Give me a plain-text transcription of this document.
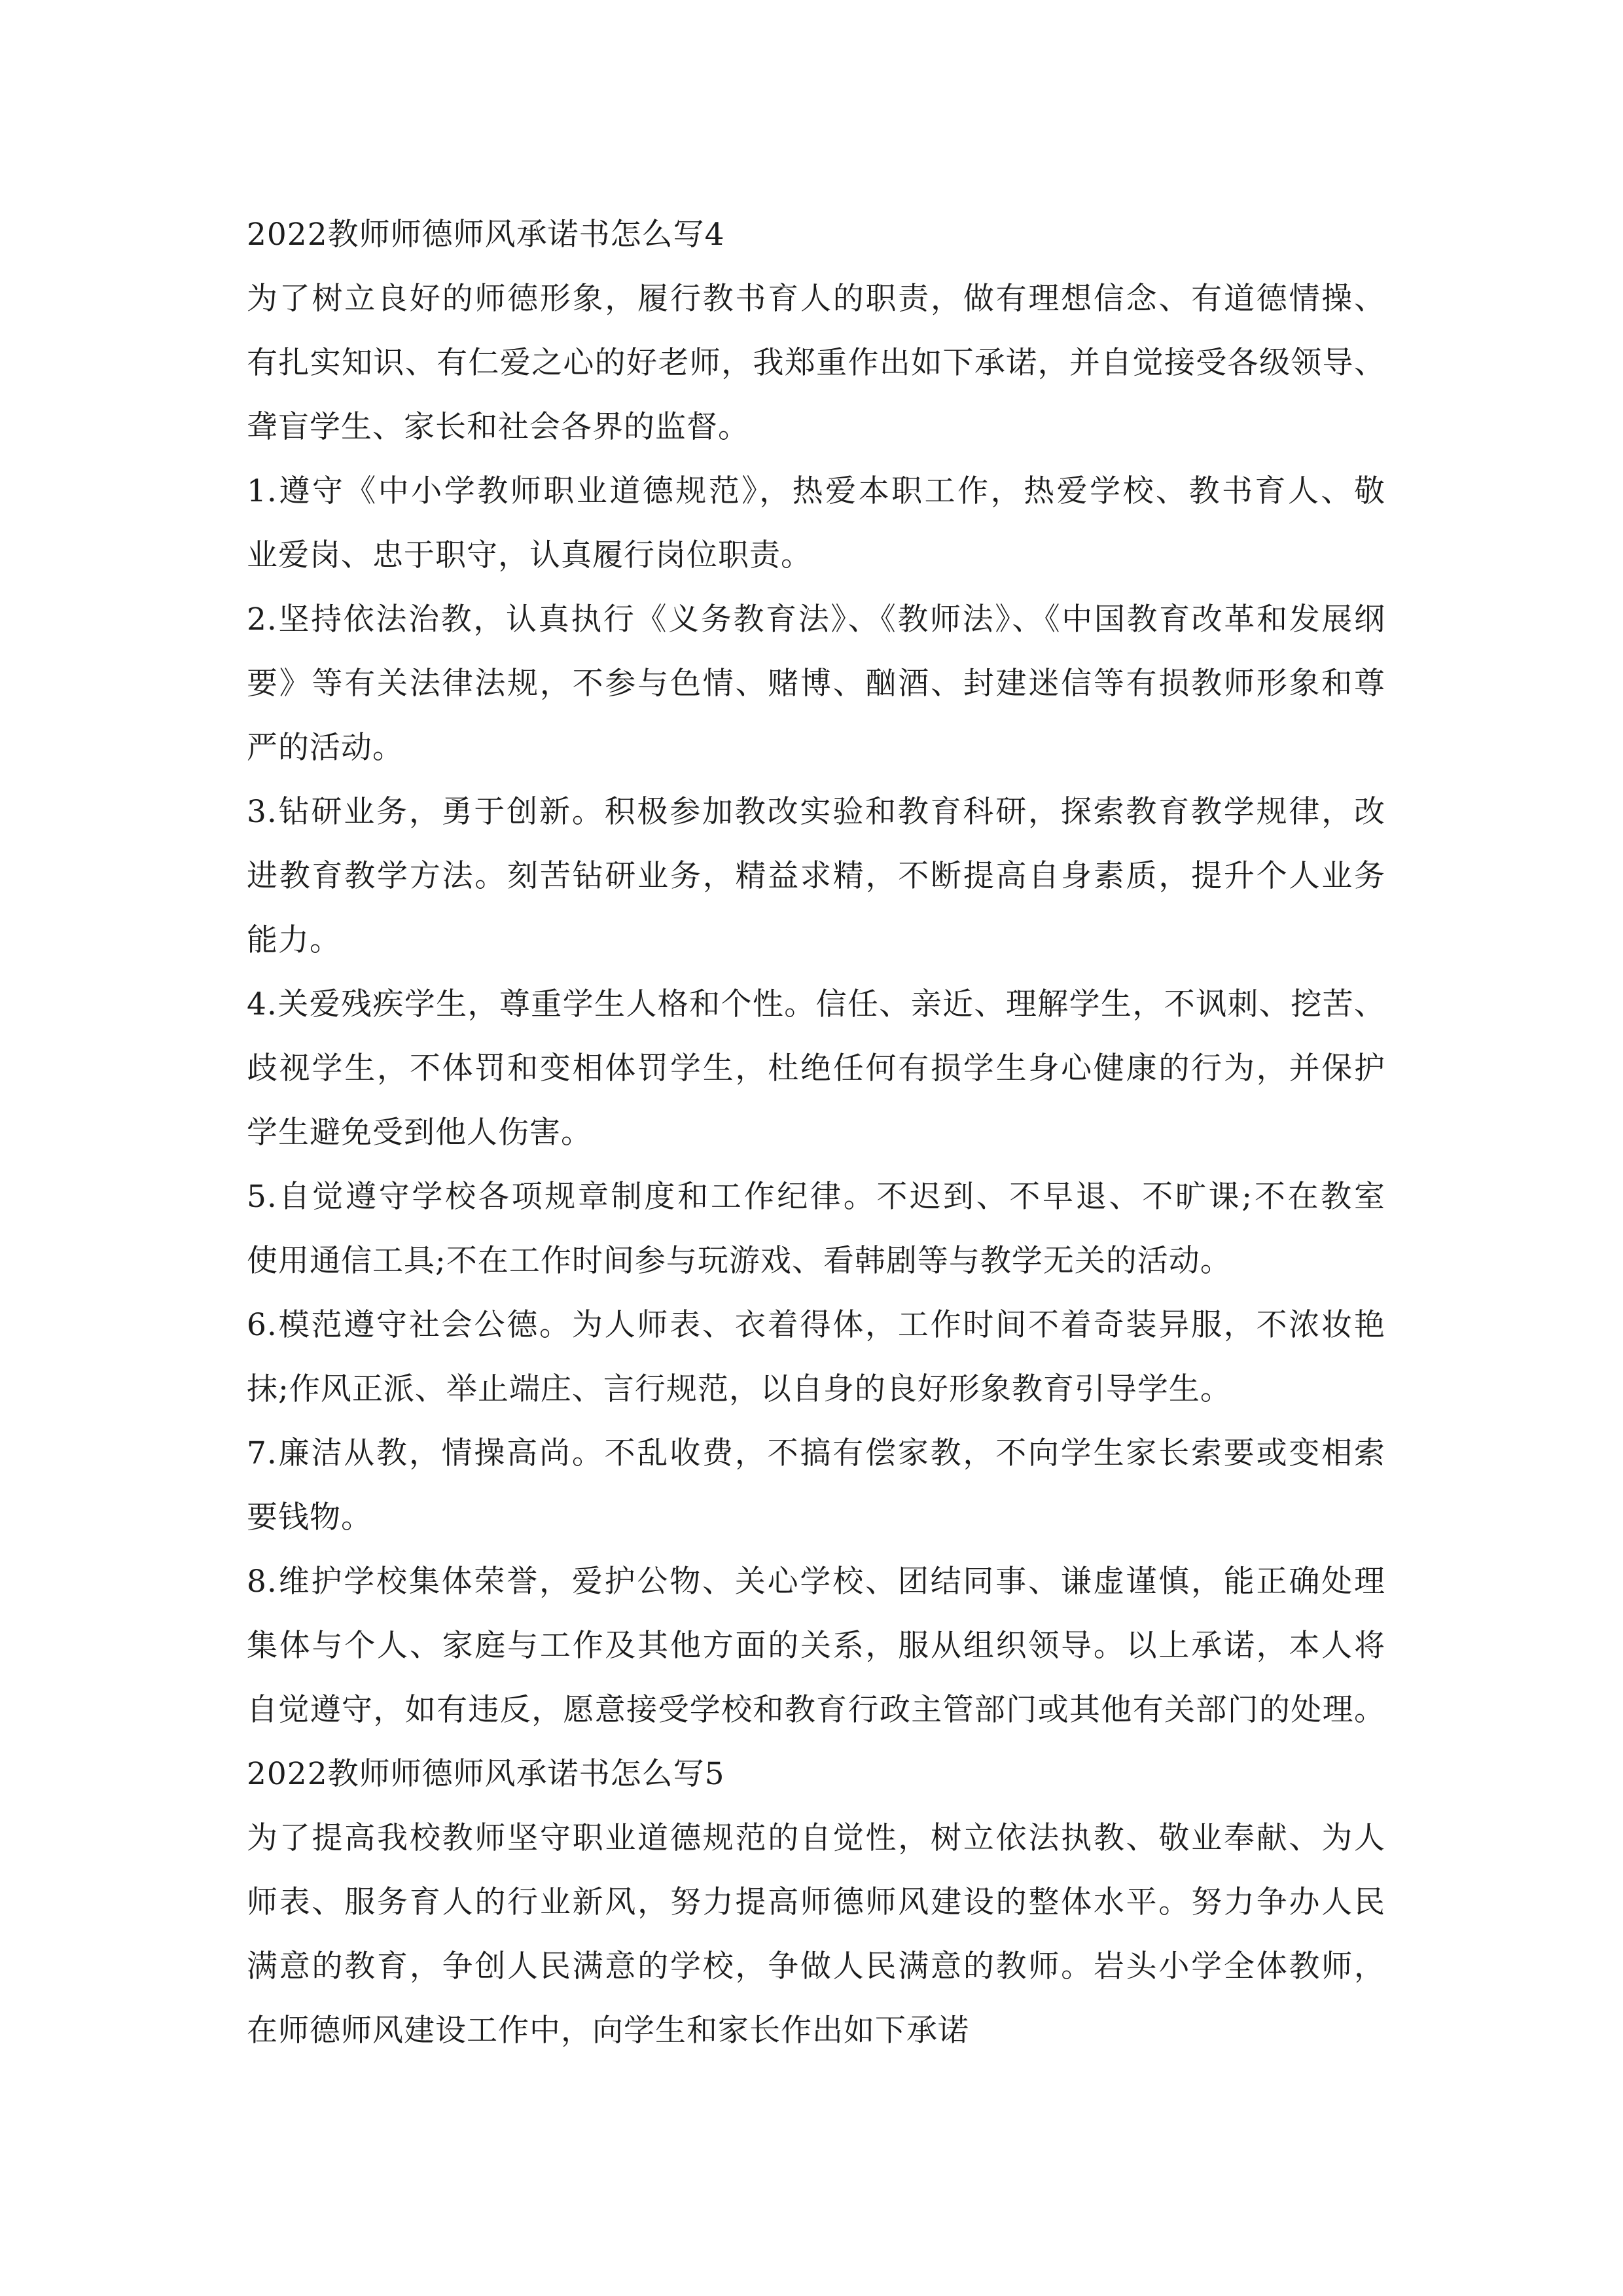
2022教师师德师风承诺书怎么写4
为了树立良好的师德形象，履行教书育人的职责，做有理想信念、有道德情操、
有扎实知识、有仁爱之心的好老师，我郑重作出如下承诺，并自觉接受各级领导、
聋盲学生、家长和社会各界的监督。
1.遵守《中小学教师职业道德规范》，热爱本职工作，热爱学校、教书育人、敬
业爱岗、忠于职守，认真履行岗位职责。
2.坚持依法治教，认真执行《义务教育法》、《教师法》、《中国教育改革和发展纲
要》等有关法律法规，不参与色情、赌博、酗酒、封建迷信等有损教师形象和尊
严的活动。
3.钻研业务，勇于创新。积极参加教改实验和教育科研，探索教育教学规律，改
进教育教学方法。刻苦钻研业务，精益求精，不断提高自身素质，提升个人业务
能力。
4.关爱残疾学生，尊重学生人格和个性。信任、亲近、理解学生，不讽刺、挖苦、
歧视学生，不体罚和变相体罚学生，杜绝任何有损学生身心健康的行为，并保护
学生避免受到他人伤害。
5.自觉遵守学校各项规章制度和工作纪律。不迟到、不早退、不旷课;不在教室
使用通信工具;不在工作时间参与玩游戏、看韩剧等与教学无关的活动。
6.模范遵守社会公德。为人师表、衣着得体，工作时间不着奇装异服，不浓妆艳
抹;作风正派、举止端庄、言行规范，以自身的良好形象教育引导学生。
7.廉洁从教，情操高尚。不乱收费，不搞有偿家教，不向学生家长索要或变相索
要钱物。
8.维护学校集体荣誉，爱护公物、关心学校、团结同事、谦虚谨慎，能正确处理
集体与个人、家庭与工作及其他方面的关系，服从组织领导。以上承诺，本人将
自觉遵守，如有违反，愿意接受学校和教育行政主管部门或其他有关部门的处理。
2022教师师德师风承诺书怎么写5
为了提高我校教师坚守职业道德规范的自觉性，树立依法执教、敬业奉献、为人
师表、服务育人的行业新风，努力提高师德师风建设的整体水平。努力争办人民
满意的教育，争创人民满意的学校，争做人民满意的教师。岩头小学全体教师，
在师德师风建设工作中，向学生和家长作出如下承诺
